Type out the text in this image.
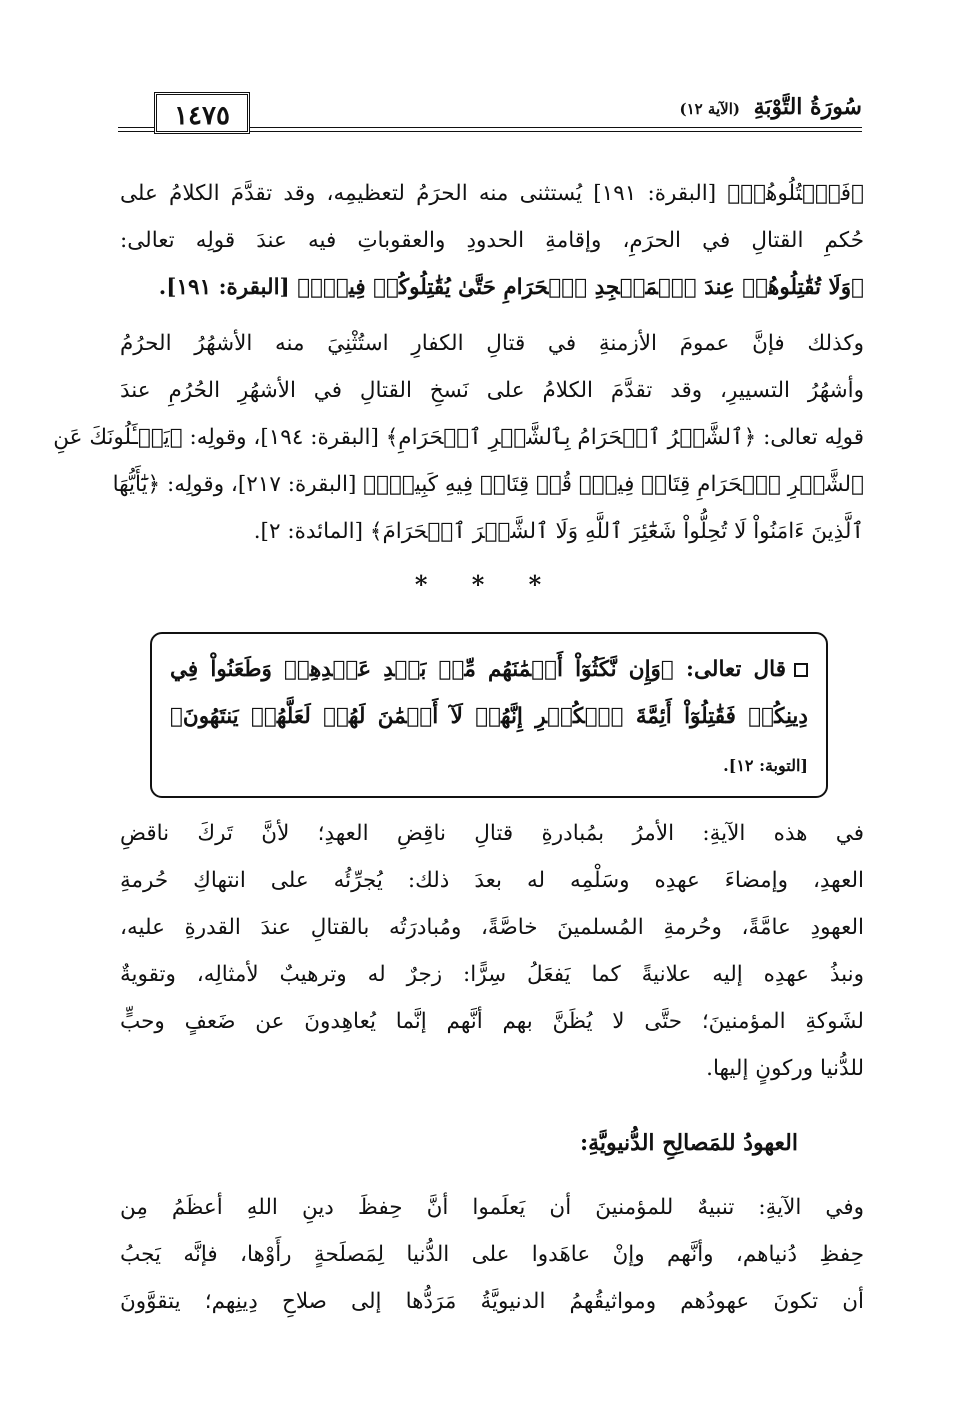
سُورَةُ التَّوْبَةِ (الآية ١٢)
١٤٧٥
﴿فَٱقۡتُلُوهُمۡ﴾ [البقرة: ١٩١] يُستثنى منه الحرَمُ لتعظيمِه، وقد تقدَّمَ الكلامُ على
حُكمِ القتالِ في الحرَمِ، وإقامةِ الحدودِ والعقوباتِ فيه عندَ قولِه تعالى:
﴿وَلَا تُقَٰتِلُوهُمۡ عِندَ ٱلۡمَسۡجِدِ ٱلۡحَرَامِ حَتَّىٰ يُقَٰتِلُوكُمۡ فِيهِۖ﴾ [البقرة: ١٩١].
وكذلك فإنَّ عمومَ الأزمنةِ في قتالِ الكفارِ استُثْنِيَ منه الأشهُرُ الحرُمُ
وأشهُرُ التسييرِ، وقد تقدَّمَ الكلامُ على نَسخِ القتالِ في الأشهُرِ الحُرُمِ عندَ
قولِه تعالى: ﴿ٱلشَّهۡرُ ٱلۡحَرَامُ بِٱلشَّهۡرِ ٱلۡحَرَامِ﴾ [البقرة: ١٩٤]، وقولِه: ﴿يَسۡـَٔلُونَكَ عَنِ
ٱلشَّهۡرِ ٱلۡحَرَامِ قِتَالٖ فِيهِۖ قُلۡ قِتَالٞ فِيهِ كَبِيرٞۚ﴾ [البقرة: ٢١٧]، وقولِه: ﴿يَٰٓأَيُّهَا
ٱلَّذِينَ ءَامَنُواْ لَا تُحِلُّواْ شَعَٰٓئِرَ ٱللَّهِ وَلَا ٱلشَّهۡرَ ٱلۡحَرَامَ﴾ [المائدة: ٢].
* * *
قال تعالى: ﴿وَإِن نَّكَثُوٓاْ أَيۡمَٰنَهُم مِّنۢ بَعۡدِ عَهۡدِهِمۡ وَطَعَنُواْ فِي
دِينِكُمۡ فَقَٰتِلُوٓاْ أَئِمَّةَ ٱلۡكُفۡرِ إِنَّهُمۡ لَآ أَيۡمَٰنَ لَهُمۡ لَعَلَّهُمۡ يَنتَهُونَ﴾
[التوبة: ١٢].
في هذه الآيةِ: الأمرُ بمُبادرةِ قتالِ ناقِضِ العهدِ؛ لأنَّ تَركَ ناقضِ
العهدِ، وإمضاءَ عهدِه وسَلْمِه له بعدَ ذلك: يُجرِّئُه على انتهاكِ حُرمةِ
العهودِ عامَّةً، وحُرمةِ المُسلمينَ خاصَّةً، ومُبادرَتُه بالقتالِ عندَ القدرةِ عليه،
ونبذُ عهدِه إليه علانيةً كما يَفعَلُ سِرًّا: زجرٌ له وترهيبٌ لأمثالِه، وتقويةٌ
لشَوكةِ المؤمنينَ؛ حتَّى لا يُظَنَّ بهم أنَّهم إنَّما يُعاهِدونَ عن ضَعفٍ وحبٍّ
للدُّنيا وركونٍ إليها.
العهودُ للمَصالِحِ الدُّنيويَّةِ:
وفي الآيةِ: تنبيهٌ للمؤمنينَ أن يَعلَموا أنَّ حِفظَ دينِ اللهِ أعظَمُ مِن
حِفظِ دُنياهم، وأنَّهم وإنْ عاهَدوا على الدُّنيا لِمَصلَحةٍ رأَوْها، فإنَّه يَجبُ
أن تكونَ عهودُهم ومواثيقُهمُ الدنيويَّةُ مَرَدُّها إلى صلاحِ دِينِهم؛ يتقوَّونَ
